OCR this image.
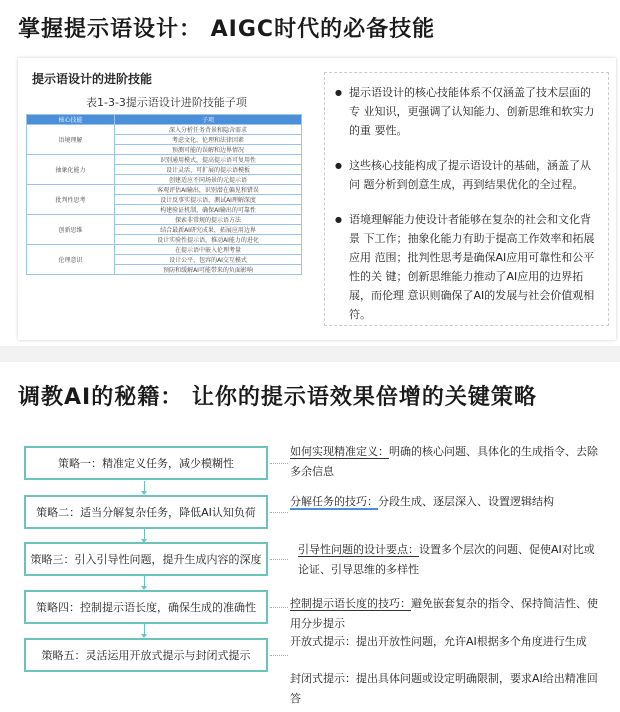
掌握提示语设计： AIGC时代的必备技能
提示语设计的进阶技能
表1-3-3提示语设计进阶技能子项
核心技能	子项
语境理解	深入分析任务背景和隐含需求
	考虑文化、伦理和法律因素
	预测可能的误解和边界情况
抽象化能力	识别通用模式，提高提示语可复用性
	设计灵活、可扩展的提示语模板
	创建适应不同场景的元提示语
批判性思考	客观评估AI输出，识别潜在偏见和错误
	设计反事实提示语，测试AI理解深度
	构建验证机制，确保AI输出的可靠性
创新思维	探索非常规的提示语方法
	结合最新AI研究成果，拓展应用边界
	设计实验性提示语，推动AI能力的进化
伦理意识	在提示语中嵌入伦理考量
	设计公平、包容的AI交互模式
	预防和缓解AI可能带来的负面影响
● 提示语设计的核心技能体系不仅涵盖了技术层面的专 业知识，更强调了认知能力、创新思维和软实力的重 要性。
● 这些核心技能构成了提示语设计的基础，涵盖了从问 题分析到创意生成，再到结果优化的全过程。
● 语境理解能力使设计者能够在复杂的社会和文化背景 下工作；抽象化能力有助于提高工作效率和拓展应用 范围；批判性思考是确保AI应用可靠性和公平性的关 键；创新思维能力推动了AI应用的边界拓展，而伦理 意识则确保了AI的发展与社会价值观相符。
调教AI的秘籍： 让你的提示语效果倍增的关键策略
策略一：精准定义任务，减少模糊性
策略二：适当分解复杂任务，降低AI认知负荷
策略三：引入引导性问题，提升生成内容的深度
策略四：控制提示语长度，确保生成的准确性
策略五：灵活运用开放式提示与封闭式提示
如何实现精准定义：明确的核心问题、具体化的生成指令、去除多余信息
分解任务的技巧：分段生成、逐层深入、设置逻辑结构
引导性问题的设计要点：设置多个层次的问题、促使AI对比或论证、引导思维的多样性
控制提示语长度的技巧：避免嵌套复杂的指令、保持简洁性、使用分步提示
开放式提示：提出开放性问题，允许AI根据多个角度进行生成
封闭式提示：提出具体问题或设定明确限制，要求AI给出精准回答
